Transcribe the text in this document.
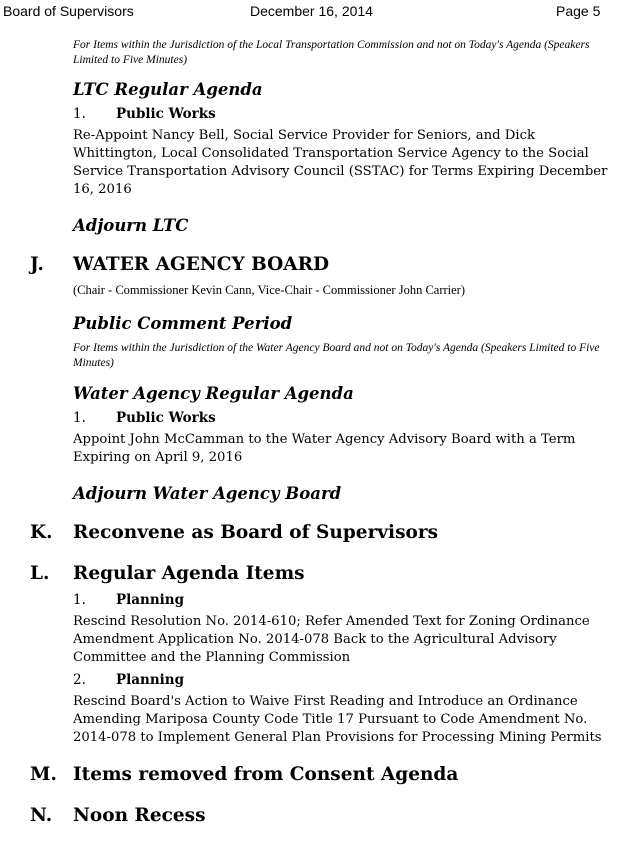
Board of Supervisors	December 16, 2014	Page 5
For Items within the Jurisdiction of the Local Transportation Commission and not on Today's Agenda (Speakers Limited to Five Minutes)
LTC Regular Agenda
1. Public Works
Re-Appoint Nancy Bell, Social Service Provider for Seniors, and Dick Whittington, Local Consolidated Transportation Service Agency to the Social Service Transportation Advisory Council (SSTAC) for Terms Expiring December 16, 2016
Adjourn LTC
J. WATER AGENCY BOARD
(Chair - Commissioner Kevin Cann, Vice-Chair - Commissioner John Carrier)
Public Comment Period
For Items within the Jurisdiction of the Water Agency Board and not on Today's Agenda (Speakers Limited to Five Minutes)
Water Agency Regular Agenda
1. Public Works
Appoint John McCamman to the Water Agency Advisory Board with a Term Expiring on April 9, 2016
Adjourn Water Agency Board
K. Reconvene as Board of Supervisors
L. Regular Agenda Items
1. Planning
Rescind Resolution No. 2014-610; Refer Amended Text for Zoning Ordinance Amendment Application No. 2014-078 Back to the Agricultural Advisory Committee and the Planning Commission
2. Planning
Rescind Board's Action to Waive First Reading and Introduce an Ordinance Amending Mariposa County Code Title 17 Pursuant to Code Amendment No. 2014-078 to Implement General Plan Provisions for Processing Mining Permits
M. Items removed from Consent Agenda
N. Noon Recess
